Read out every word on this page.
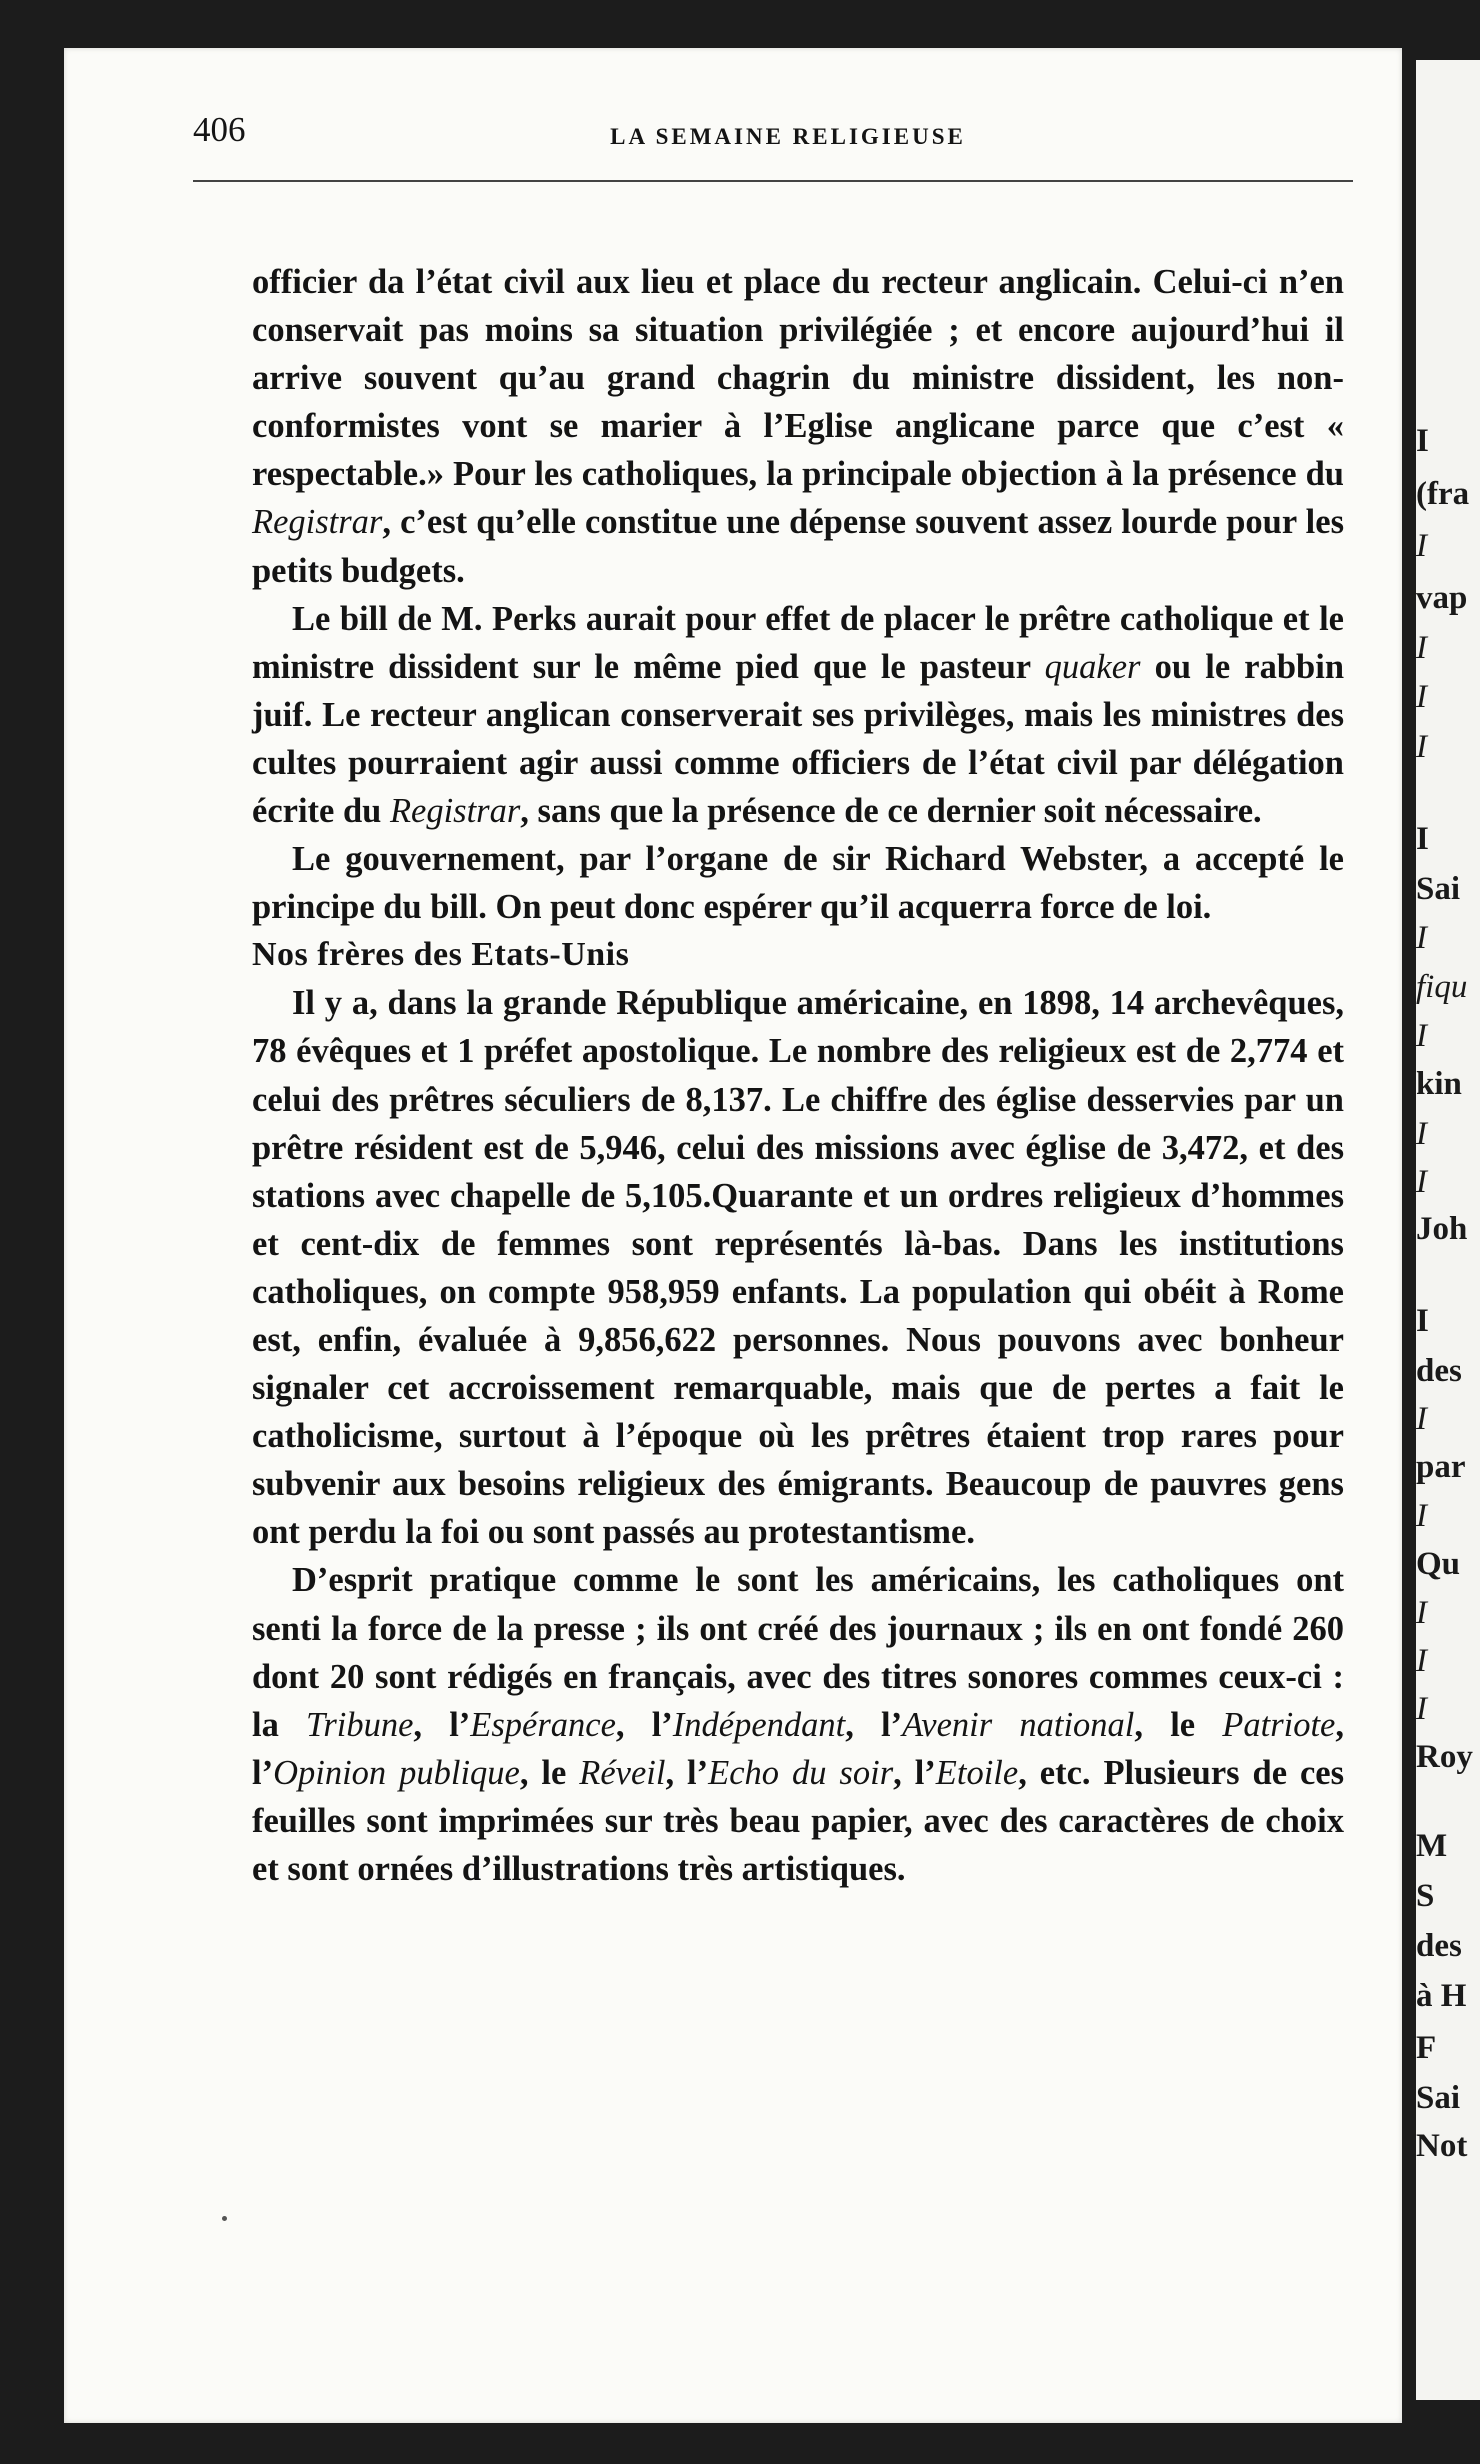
I
(fra
I
vap
I
I
I
I
Sai
I
fiqu
I
kin
I
I
Joh
I
des
I
par
I
Qu
I
I
I
Roy
M
S
des
à H
F
Sai
Not
406	LA SEMAINE RELIGIEUSE

officier da l’état civil aux lieu et place du recteur anglicain. Celui-ci n’en conservait pas moins sa situation privilégiée ; et encore aujourd’hui il arrive souvent qu’au grand chagrin du ministre dissident, les non-conformistes vont se marier à l’Eglise anglicane parce que c’est « respectable.» Pour les catholiques, la principale objection à la présence du Registrar, c’est qu’elle constitue une dépense souvent assez lourde pour les petits budgets.

Le bill de M. Perks aurait pour effet de placer le prêtre catholique et le ministre dissident sur le même pied que le pasteur quaker ou le rabbin juif. Le recteur anglican conserverait ses privilèges, mais les ministres des cultes pourraient agir aussi comme officiers de l’état civil par délégation écrite du Registrar, sans que la présence de ce dernier soit nécessaire.

Le gouvernement, par l’organe de sir Richard Webster, a accepté le principe du bill. On peut donc espérer qu’il acquerra force de loi.

Nos frères des Etats-Unis

Il y a, dans la grande République américaine, en 1898, 14 archevêques, 78 évêques et 1 préfet apostolique. Le nombre des religieux est de 2,774 et celui des prêtres séculiers de 8,137. Le chiffre des église desservies par un prêtre résident est de 5,946, celui des missions avec église de 3,472, et des stations avec chapelle de 5,105.Quarante et un ordres religieux d’hommes et cent-dix de femmes sont représentés là-bas. Dans les institutions catholiques, on compte 958,959 enfants. La population qui obéit à Rome est, enfin, évaluée à 9,856,622 personnes. Nous pouvons avec bonheur signaler cet accroissement remarquable, mais que de pertes a fait le catholicisme, surtout à l’époque où les prêtres étaient trop rares pour subvenir aux besoins religieux des émigrants. Beaucoup de pauvres gens ont perdu la foi ou sont passés au protestantisme.

D’esprit pratique comme le sont les américains, les catholiques ont senti la force de la presse ; ils ont créé des journaux ; ils en ont fondé 260 dont 20 sont rédigés en français, avec des titres sonores commes ceux-ci : la Tribune, l’Espérance, l’Indépendant, l’Avenir national, le Patriote, l’Opinion publique, le Réveil, l’Echo du soir, l’Etoile, etc. Plusieurs de ces feuilles sont imprimées sur très beau papier, avec des caractères de choix et sont ornées d’illustrations très artistiques.
